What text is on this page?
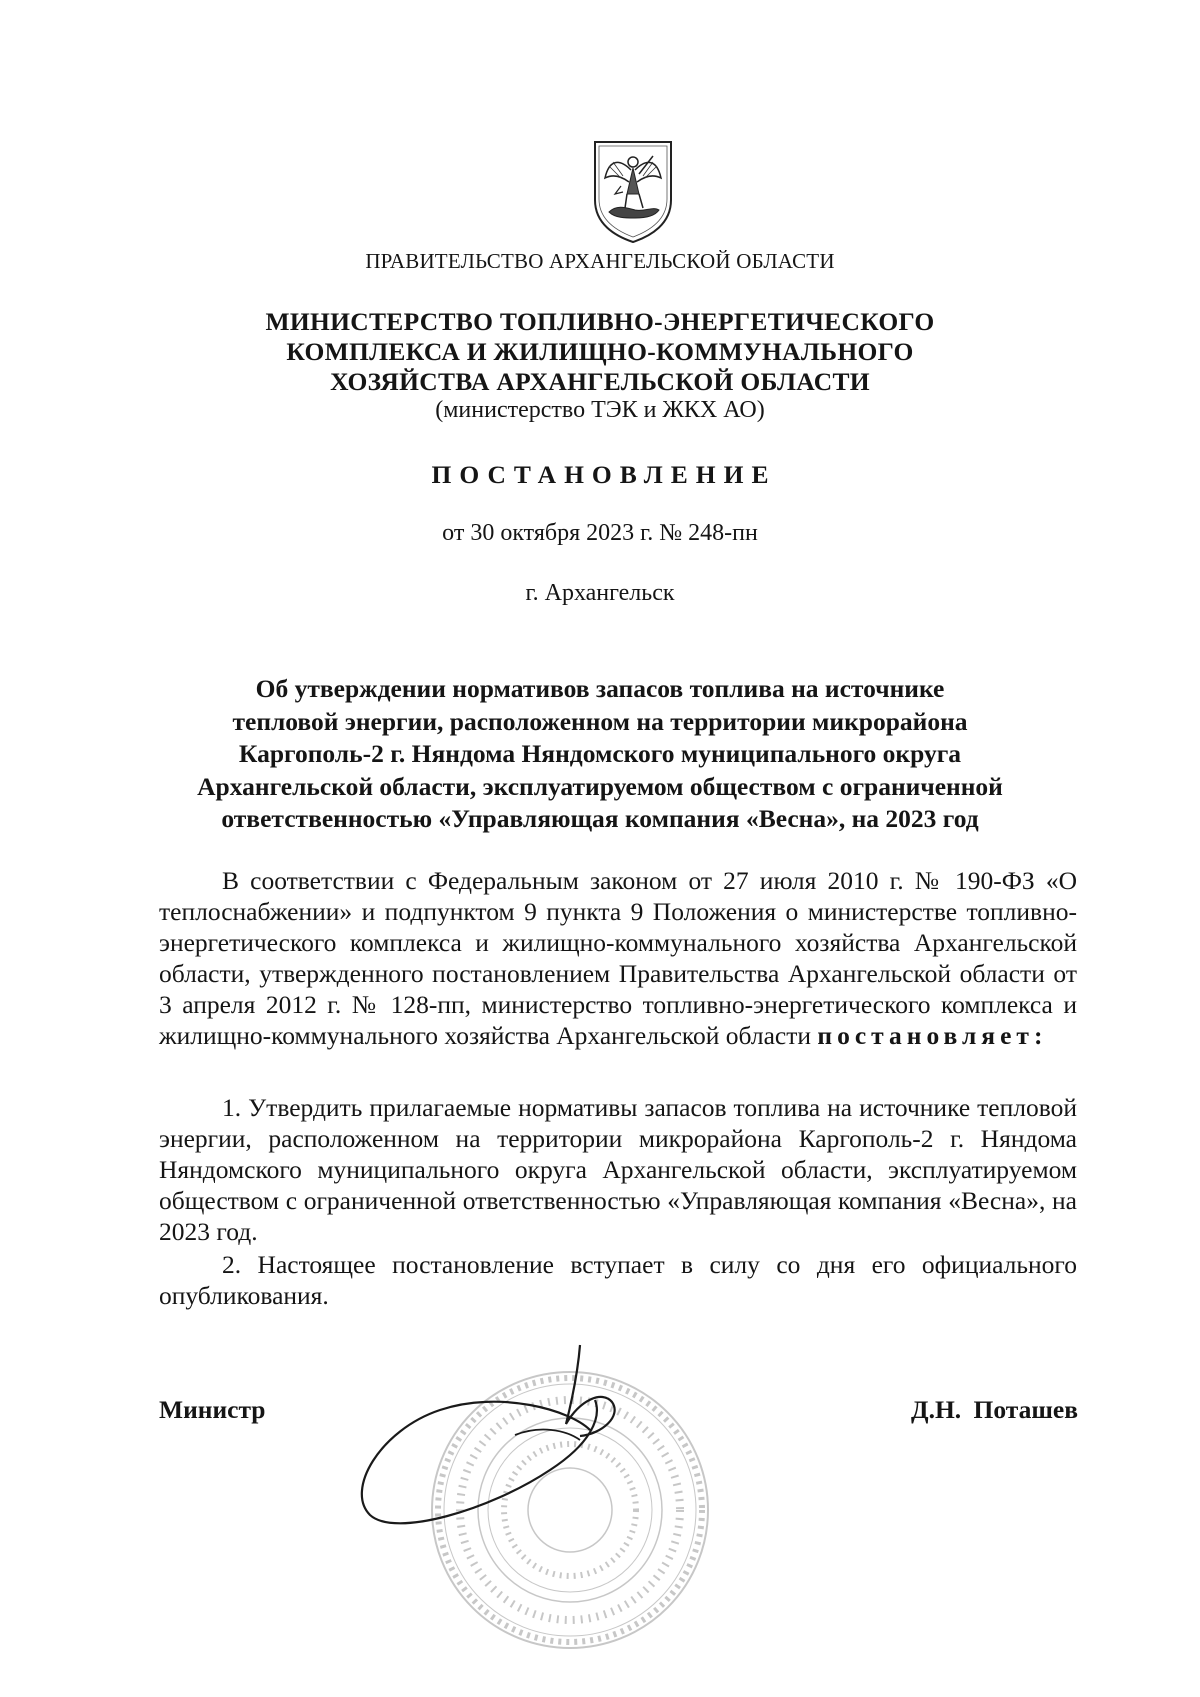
ПРАВИТЕЛЬСТВО АРХАНГЕЛЬСКОЙ ОБЛАСТИ
МИНИСТЕРСТВО ТОПЛИВНО-ЭНЕРГЕТИЧЕСКОГО
КОМПЛЕКСА И ЖИЛИЩНО-КОММУНАЛЬНОГО
ХОЗЯЙСТВА АРХАНГЕЛЬСКОЙ ОБЛАСТИ
(министерство ТЭК и ЖКХ АО)
ПОСТАНОВЛЕНИЕ
от 30 октября 2023 г. № 248-пн
г. Архангельск
Об утверждении нормативов запасов топлива на источнике
тепловой энергии, расположенном на территории микрорайона
Каргополь-2 г. Няндома Няндомского муниципального округа
Архангельской области, эксплуатируемом обществом с ограниченной
ответственностью «Управляющая компания «Весна», на 2023 год
В соответствии с Федеральным законом от 27 июля 2010 г. № 190-ФЗ «О теплоснабжении» и подпунктом 9 пункта 9 Положения о министерстве топливно-энергетического комплекса и жилищно-коммунального хозяйства Архангельской области, утвержденного постановлением Правительства Архангельской области от 3 апреля 2012 г. № 128-пп, министерство топливно-энергетического комплекса и жилищно-коммунального хозяйства Архангельской области постановляет:
1. Утвердить прилагаемые нормативы запасов топлива на источнике тепловой энергии, расположенном на территории микрорайона Каргополь-2 г. Няндома Няндомского муниципального округа Архангельской области, эксплуатируемом обществом с ограниченной ответственностью «Управляющая компания «Весна», на 2023 год.
2. Настоящее постановление вступает в силу со дня его официального опубликования.
Министр	Д.Н. Поташев
